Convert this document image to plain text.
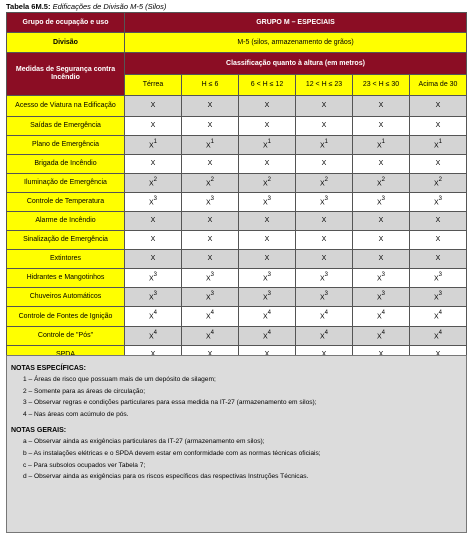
Tabela 6M.5: Edificações de Divisão M-5 (Silos)
Grupo de ocupação e uso	GRUPO M – ESPECIAIS					
Divisão	M-5 (silos, armazenamento de grãos)					
Medidas de Segurança contra Incêndio	Classificação quanto à altura (em metros)					
	Térrea	H ≤ 6	6 < H ≤ 12	12 < H ≤ 23	23 < H ≤ 30	Acima de 30
Acesso de Viatura na Edificação	X	X	X	X	X	X
Saídas de Emergência	X	X	X	X	X	X
Plano de Emergência	$X^1$	$X^1$	$X^1$	$X^1$	$X^1$	$X^1$
Brigada de Incêndio	X	X	X	X	X	X
Iluminação de Emergência	$X^2$	$X^2$	$X^2$	$X^2$	$X^2$	$X^2$
Controle de Temperatura	$X^3$	$X^3$	$X^3$	$X^3$	$X^3$	$X^3$
Alarme de Incêndio	X	X	X	X	X	X
Sinalização de Emergência	X	X	X	X	X	X
Extintores	X	X	X	X	X	X
Hidrantes e Mangotinhos	$X^3$	$X^3$	$X^3$	$X^3$	$X^3$	$X^3$
Chuveiros Automáticos	$X^3$	$X^3$	$X^3$	$X^3$	$X^3$	$X^3$
Controle de Fontes de Ignição	$X^4$	$X^4$	$X^4$	$X^4$	$X^4$	$X^4$
Controle de "Pós"	$X^4$	$X^4$	$X^4$	$X^4$	$X^4$	$X^4$

NOTAS ESPECÍFICAS:
1 – Áreas de risco que possuam mais de um depósito de silagem;
2 – Somente para as áreas de circulação;
3 – Observar regras e condições particulares para essa medida na IT-27 (armazenamento em silos);
4 – Nas áreas com acúmulo de pós.
NOTAS GERAIS:
a – Observar ainda as exigências particulares da IT-27 (armazenamento em silos);
b – As instalações elétricas e o SPDA devem estar em conformidade com as normas técnicas oficiais;
c – Para subsolos ocupados ver Tabela 7;
d – Observar ainda as exigências para os riscos específicos das respectivas Instruções Técnicas.
